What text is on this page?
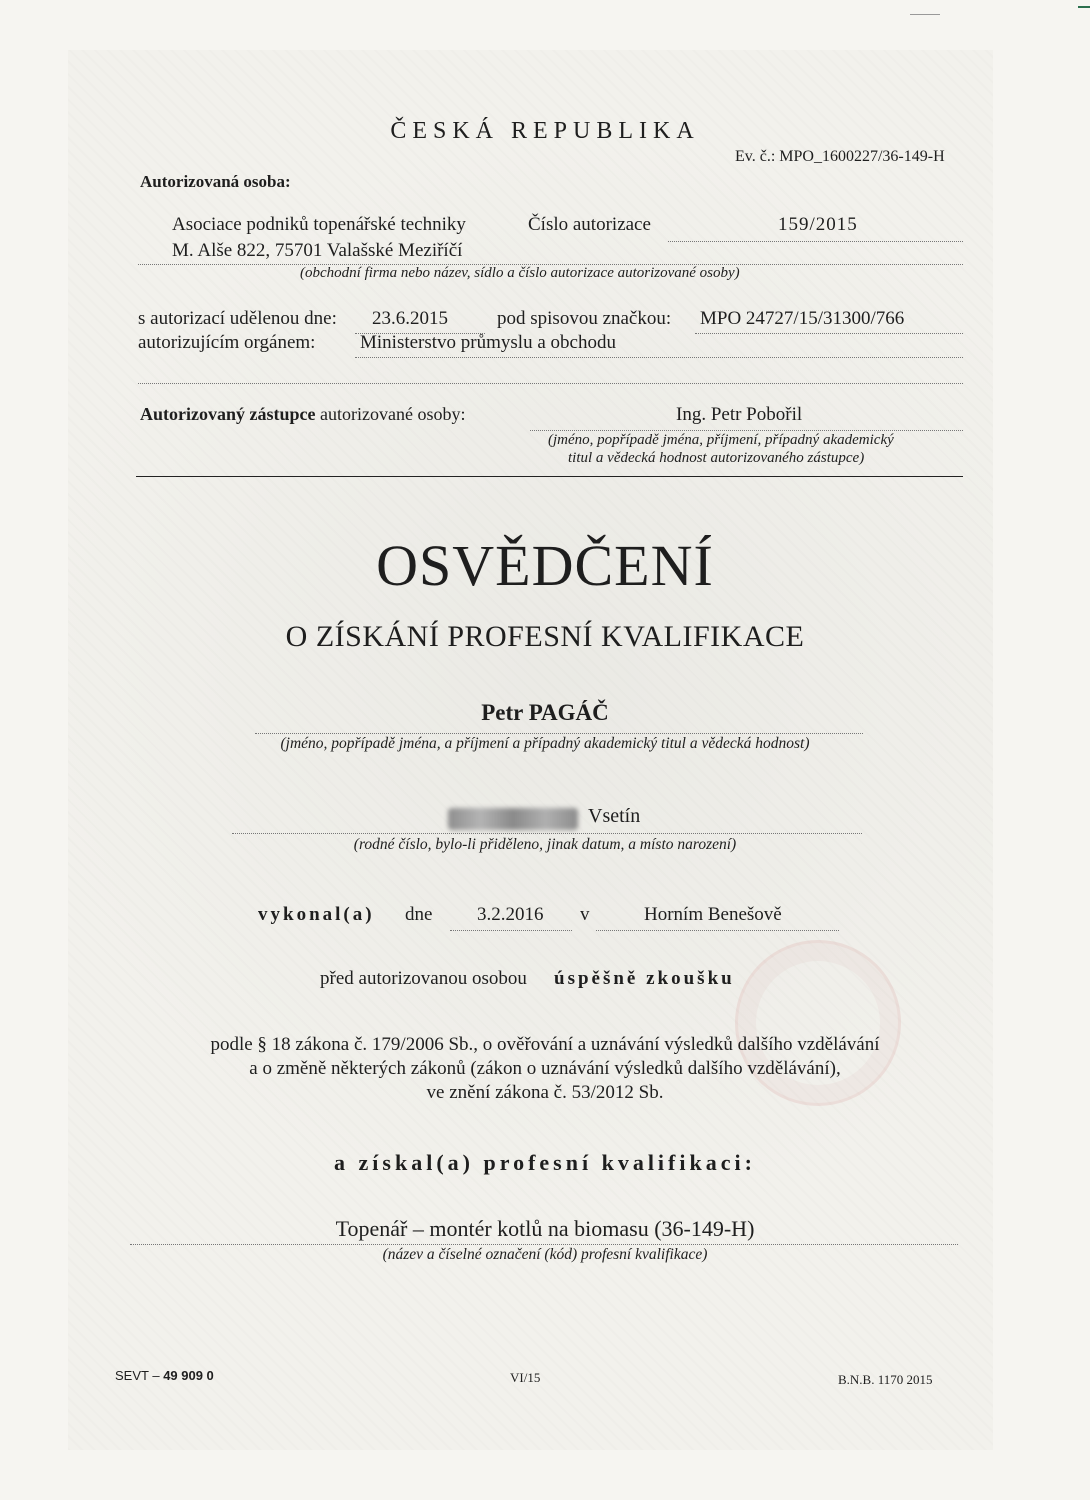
ČESKÁ REPUBLIKA
Ev. č.: MPO_1600227/36-149-H
Autorizovaná osoba:
Asociace podniků topenářské techniky	Číslo autorizace	159/2015
M. Alše 822, 75701 Valašské Meziříčí
(obchodní firma nebo název, sídlo a číslo autorizace autorizované osoby)
s autorizací udělenou dne: 23.6.2015	pod spisovou značkou: MPO 24727/15/31300/766
autorizujícím orgánem: Ministerstvo průmyslu a obchodu
Autorizovaný zástupce autorizované osoby:	Ing. Petr Pobořil
(jméno, popřípadě jména, příjmení, případný akademický
titul a vědecká hodnost autorizovaného zástupce)
OSVĚDČENÍ
O ZÍSKÁNÍ PROFESNÍ KVALIFIKACE
Petr PAGÁČ
(jméno, popřípadě jména, a příjmení a případný akademický titul a vědecká hodnost)
Vsetín
(rodné číslo, bylo-li přiděleno, jinak datum, a místo narození)
vykonal(a) dne 3.2.2016 v	Horním Benešově
před autorizovanou osobou úspěšně zkoušku
podle § 18 zákona č. 179/2006 Sb., o ověřování a uznávání výsledků dalšího vzdělávání
a o změně některých zákonů (zákon o uznávání výsledků dalšího vzdělávání),
ve znění zákona č. 53/2012 Sb.
a získal(a) profesní kvalifikaci:
Topenář – montér kotlů na biomasu (36-149-H)
(název a číselné označení (kód) profesní kvalifikace)
SEVT – 49 909 0	VI/15	B.N.B. 1170 2015
